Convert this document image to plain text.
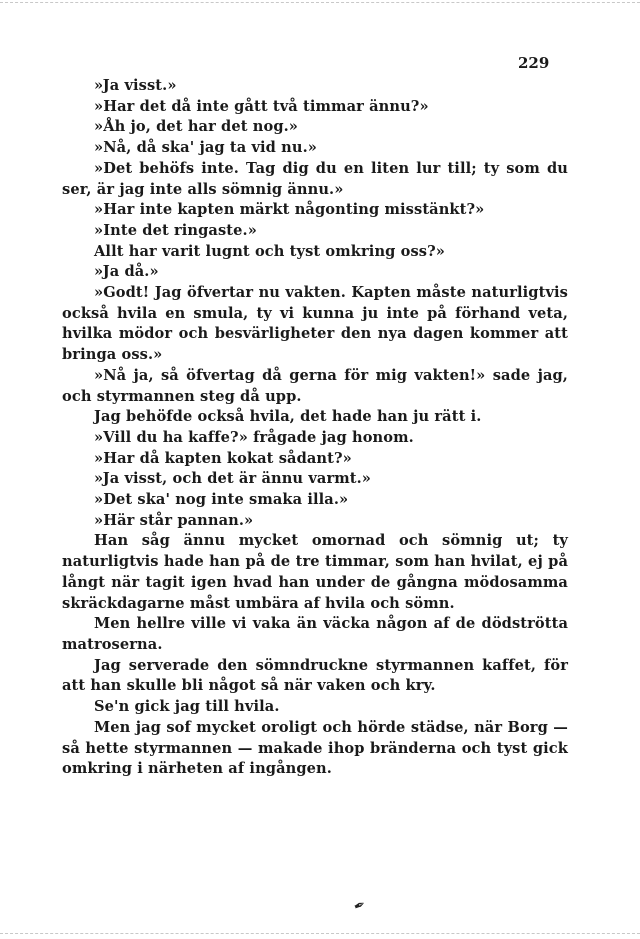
229

»Ja visst.»

»Har det då inte gått två timmar ännu?»

»Åh jo, det har det nog.»

»Nå, då ska' jag ta vid nu.»

»Det behöfs inte. Tag dig du en liten lur till; ty som du ser, är jag inte alls sömnig ännu.»

»Har inte kapten märkt någonting misstänkt?»

»Inte det ringaste.»

Allt har varit lugnt och tyst omkring oss?»

»Ja då.»

»Godt! Jag öfvertar nu vakten. Kapten måste naturligtvis också hvila en smula, ty vi kunna ju inte på förhand veta, hvilka mödor och besvärligheter den nya dagen kommer att bringa oss.»

»Nå ja, så öfvertag då gerna för mig vakten!» sade jag, och styrmannen steg då upp.

Jag behöfde också hvila, det hade han ju rätt i.

»Vill du ha kaffe?» frågade jag honom.

»Har då kapten kokat sådant?»

»Ja visst, och det är ännu varmt.»

»Det ska' nog inte smaka illa.»

»Här står pannan.»

Han såg ännu mycket omornad och sömnig ut; ty naturligtvis hade han på de tre timmar, som han hvilat, ej på långt när tagit igen hvad han under de gångna mödosamma skräckdagarne måst umbära af hvila och sömn.

Men hellre ville vi vaka än väcka någon af de dödströtta matroserna.

Jag serverade den sömndruckne styrmannen kaffet, för att han skulle bli något så när vaken och kry.

Se'n gick jag till hvila.

Men jag sof mycket oroligt och hörde städse, när Borg — så hette styrmannen — makade ihop bränderna och tyst gick omkring i närheten af ingången.

✒
